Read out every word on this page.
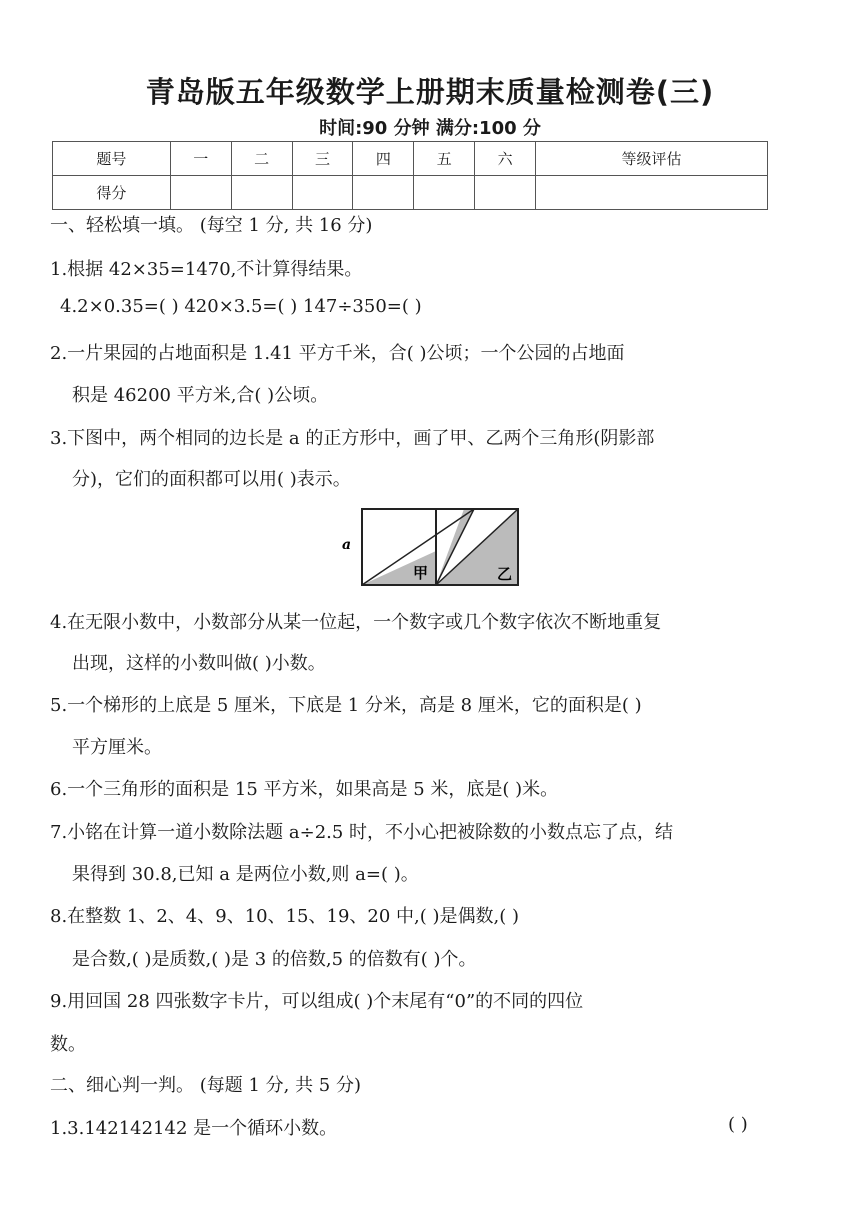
青岛版五年级数学上册期末质量检测卷(三)
时间:90 分钟 满分:100 分
题号	一	二	三	四	五	六	等级评估
得分							
一、轻松填一填。 (每空 1 分, 共 16 分)
1.根据 42×35=1470,不计算得结果。
4.2×0.35=( ) 420×3.5=( ) 147÷350=( )
2.一片果园的占地面积是 1.41 平方千米，合( )公顷；一个公园的占地面
积是 46200 平方米,合( )公顷。
3.下图中，两个相同的边长是 a 的正方形中，画了甲、乙两个三角形(阴影部
分)，它们的面积都可以用( )表示。
a
甲	乙
4.在无限小数中，小数部分从某一位起，一个数字或几个数字依次不断地重复
出现，这样的小数叫做( )小数。
5.一个梯形的上底是 5 厘米，下底是 1 分米，高是 8 厘米，它的面积是( )
平方厘米。
6.一个三角形的面积是 15 平方米，如果高是 5 米，底是( )米。
7.小铭在计算一道小数除法题 a÷2.5 时，不小心把被除数的小数点忘了点，结
果得到 30.8,已知 a 是两位小数,则 a=( )。
8.在整数 1、2、4、9、10、15、19、20 中,( )是偶数,( )
是合数,( )是质数,( )是 3 的倍数,5 的倍数有( )个。
9.用回国 28 四张数字卡片，可以组成( )个末尾有“0”的不同的四位
数。
二、细心判一判。 (每题 1 分, 共 5 分)
1.3.142142142 是一个循环小数。	( )
